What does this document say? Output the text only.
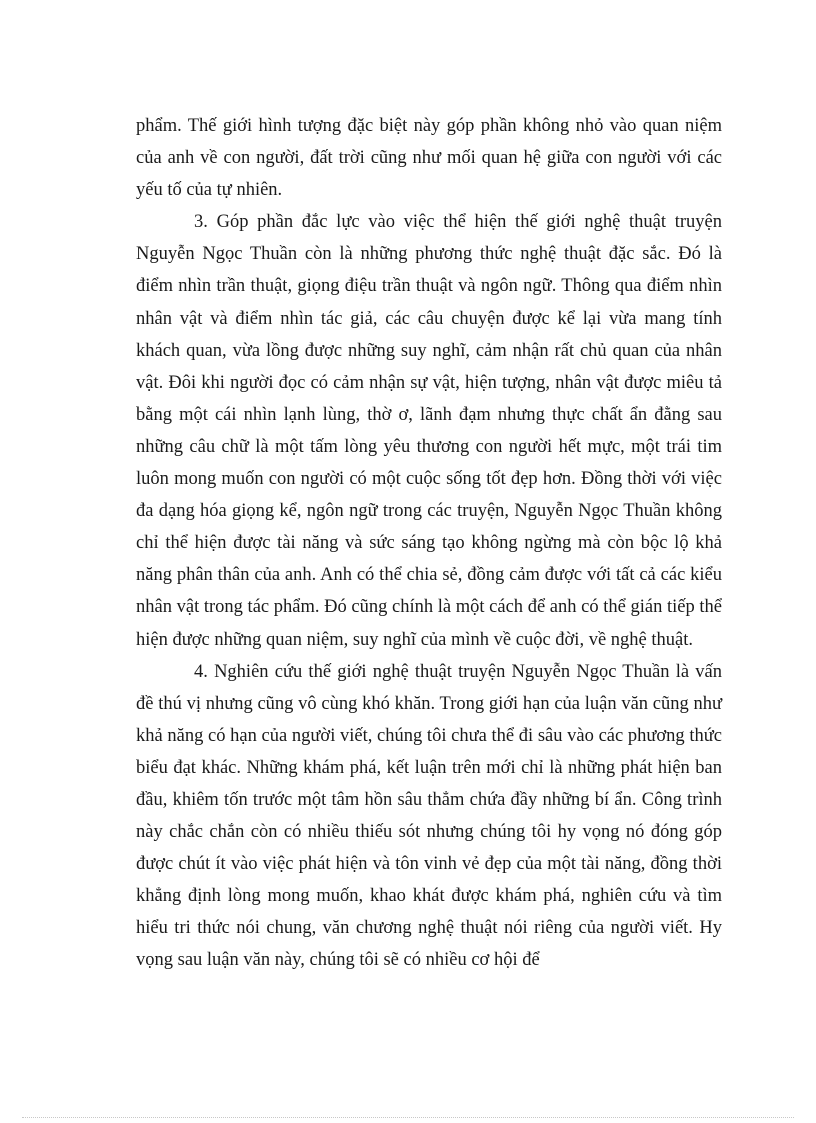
phẩm. Thế giới hình tượng đặc biệt này góp phần không nhỏ vào quan niệm của anh về con người, đất trời cũng như mối quan hệ giữa con người với các yếu tố của tự nhiên.

3. Góp phần đắc lực vào việc thể hiện thế giới nghệ thuật truyện Nguyễn Ngọc Thuần còn là những phương thức nghệ thuật đặc sắc. Đó là điểm nhìn trần thuật, giọng điệu trần thuật và ngôn ngữ. Thông qua điểm nhìn nhân vật và điểm nhìn tác giả, các câu chuyện được kể lại vừa mang tính khách quan, vừa lồng được những suy nghĩ, cảm nhận rất chủ quan của nhân vật. Đôi khi người đọc có cảm nhận sự vật, hiện tượng, nhân vật được miêu tả bằng một cái nhìn lạnh lùng, thờ ơ, lãnh đạm nhưng thực chất ẩn đằng sau những câu chữ là một tấm lòng yêu thương con người hết mực, một trái tim luôn mong muốn con người có một cuộc sống tốt đẹp hơn. Đồng thời với việc đa dạng hóa giọng kể, ngôn ngữ trong các truyện, Nguyễn Ngọc Thuần không chỉ thể hiện được tài năng và sức sáng tạo không ngừng mà còn bộc lộ khả năng phân thân của anh. Anh có thể chia sẻ, đồng cảm được với tất cả các kiểu nhân vật trong tác phẩm. Đó cũng chính là một cách để anh có thể gián tiếp thể hiện được những quan niệm, suy nghĩ của mình về cuộc đời, về nghệ thuật.

4. Nghiên cứu thế giới nghệ thuật truyện Nguyễn Ngọc Thuần là vấn đề thú vị nhưng cũng vô cùng khó khăn. Trong giới hạn của luận văn cũng như khả năng có hạn của người viết, chúng tôi chưa thể đi sâu vào các phương thức biểu đạt khác. Những khám phá, kết luận trên mới chỉ là những phát hiện ban đầu, khiêm tốn trước một tâm hồn sâu thẳm chứa đầy những bí ẩn. Công trình này chắc chắn còn có nhiều thiếu sót nhưng chúng tôi hy vọng nó đóng góp được chút ít vào việc phát hiện và tôn vinh vẻ đẹp của một tài năng, đồng thời khẳng định lòng mong muốn, khao khát được khám phá, nghiên cứu và tìm hiểu tri thức nói chung, văn chương nghệ thuật nói riêng của người viết. Hy vọng sau luận văn này, chúng tôi sẽ có nhiều cơ hội để
